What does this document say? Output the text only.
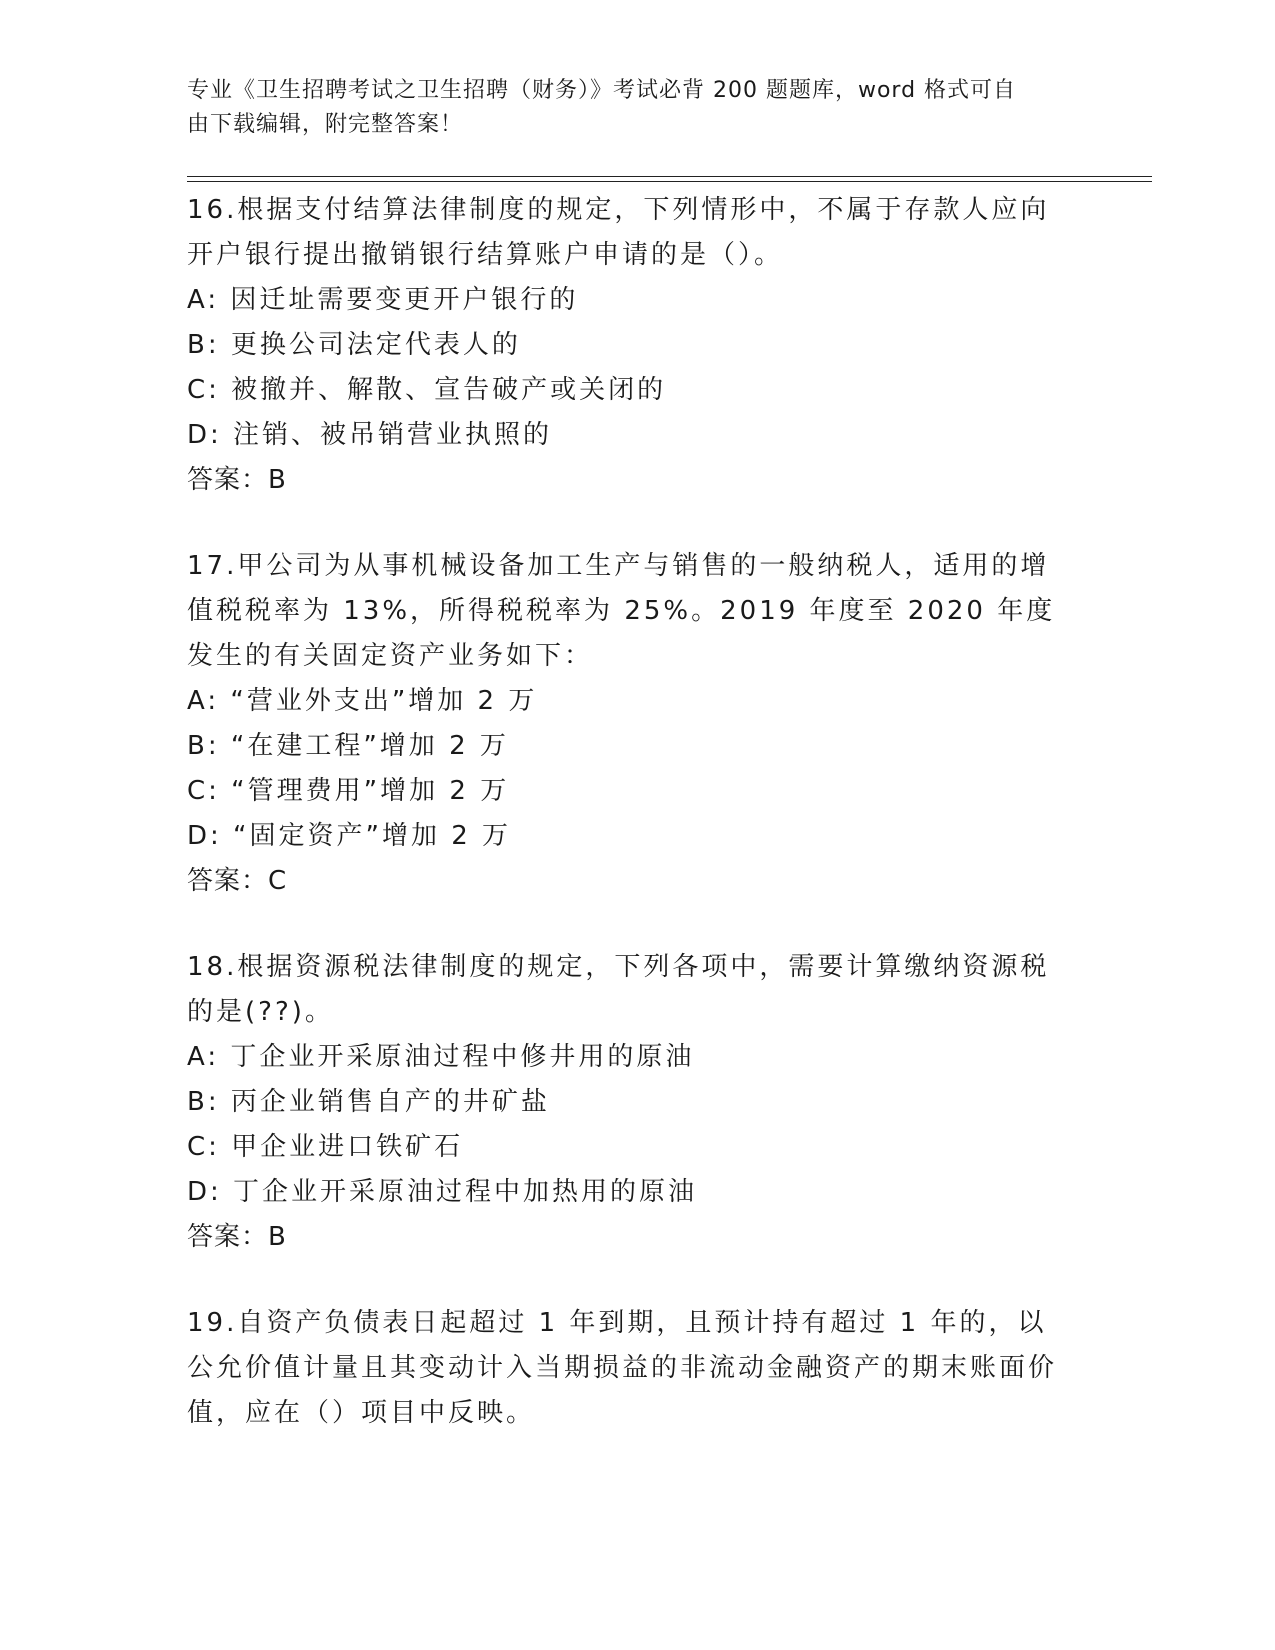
专业《卫生招聘考试之卫生招聘（财务）》考试必背 200 题题库，word 格式可自
由下载编辑，附完整答案！

16.根据支付结算法律制度的规定，下列情形中，不属于存款人应向开户银行提出撤销银行结算账户申请的是（）。

A: 因迁址需要变更开户银行的

B: 更换公司法定代表人的

C: 被撤并、解散、宣告破产或关闭的

D: 注销、被吊销营业执照的

答案：B

17.甲公司为从事机械设备加工生产与销售的一般纳税人，适用的增值税税率为 13%，所得税税率为 25%。2019 年度至 2020 年度发生的有关固定资产业务如下：

A: “营业外支出”增加 2 万

B: “在建工程”增加 2 万

C: “管理费用”增加 2 万

D: “固定资产”增加 2 万

答案：C

18.根据资源税法律制度的规定，下列各项中，需要计算缴纳资源税的是(??)。

A: 丁企业开采原油过程中修井用的原油

B: 丙企业销售自产的井矿盐

C: 甲企业进口铁矿石

D: 丁企业开采原油过程中加热用的原油

答案：B

19.自资产负债表日起超过 1 年到期，且预计持有超过 1 年的，以公允价值计量且其变动计入当期损益的非流动金融资产的期末账面价值，应在（）项目中反映。
